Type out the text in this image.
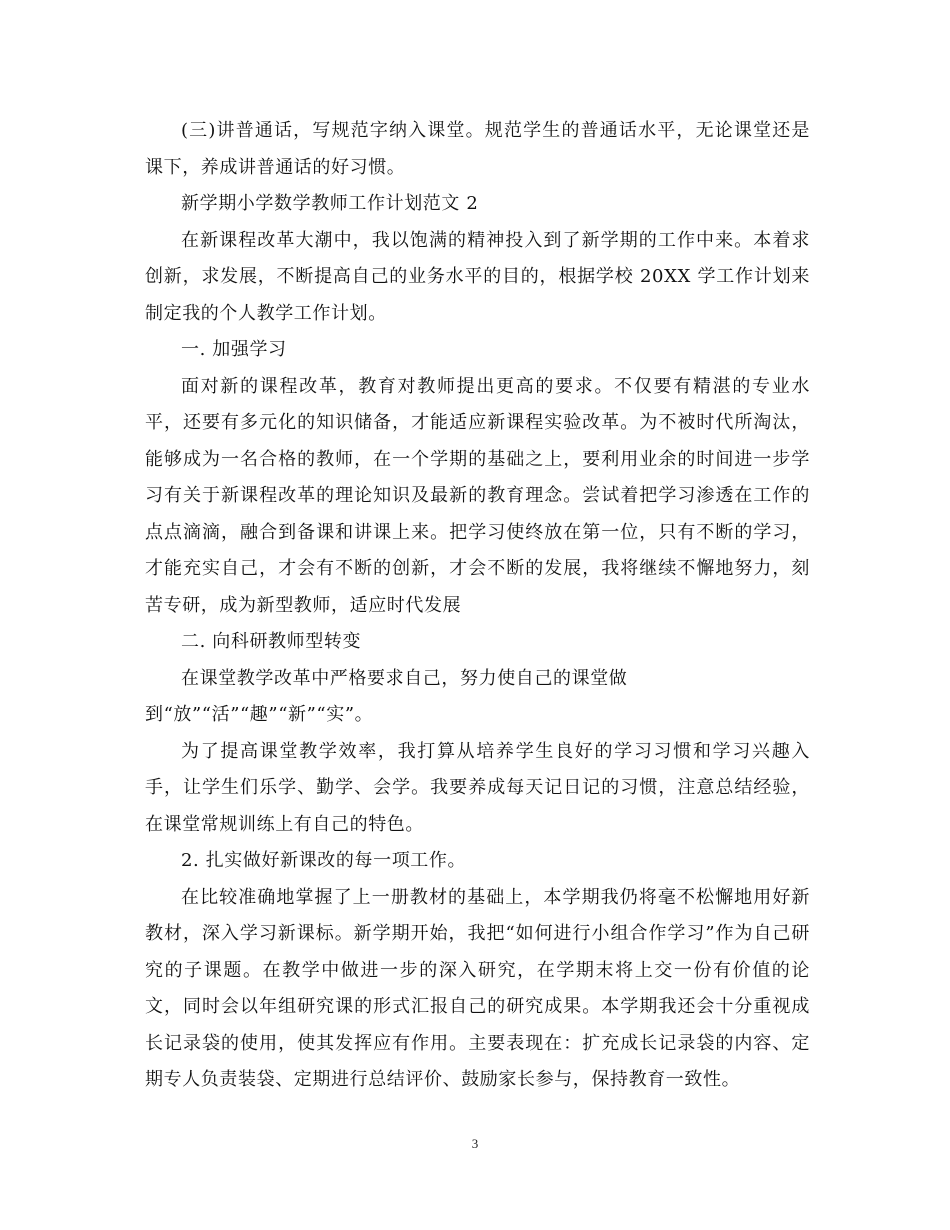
(三)讲普通话，写规范字纳入课堂。规范学生的普通话水平，无论课堂还是课下，养成讲普通话的好习惯。

新学期小学数学教师工作计划范文 2

在新课程改革大潮中，我以饱满的精神投入到了新学期的工作中来。本着求创新，求发展，不断提高自己的业务水平的目的，根据学校 20XX 学工作计划来制定我的个人教学工作计划。

一. 加强学习

面对新的课程改革，教育对教师提出更高的要求。不仅要有精湛的专业水平，还要有多元化的知识储备，才能适应新课程实验改革。为不被时代所淘汰，能够成为一名合格的教师，在一个学期的基础之上，要利用业余的时间进一步学习有关于新课程改革的理论知识及最新的教育理念。尝试着把学习渗透在工作的点点滴滴，融合到备课和讲课上来。把学习使终放在第一位，只有不断的学习，才能充实自己，才会有不断的创新，才会不断的发展，我将继续不懈地努力，刻苦专研，成为新型教师，适应时代发展

二. 向科研教师型转变

在课堂教学改革中严格要求自己，努力使自己的课堂做

到“放”“活”“趣”“新”“实”。

为了提高课堂教学效率，我打算从培养学生良好的学习习惯和学习兴趣入手，让学生们乐学、勤学、会学。我要养成每天记日记的习惯，注意总结经验，在课堂常规训练上有自己的特色。

2. 扎实做好新课改的每一项工作。

在比较准确地掌握了上一册教材的基础上，本学期我仍将毫不松懈地用好新教材，深入学习新课标。新学期开始，我把“如何进行小组合作学习”作为自己研究的子课题。在教学中做进一步的深入研究，在学期末将上交一份有价值的论文，同时会以年组研究课的形式汇报自己的研究成果。本学期我还会十分重视成长记录袋的使用，使其发挥应有作用。主要表现在：扩充成长记录袋的内容、定期专人负责装袋、定期进行总结评价、鼓励家长参与，保持教育一致性。

3
